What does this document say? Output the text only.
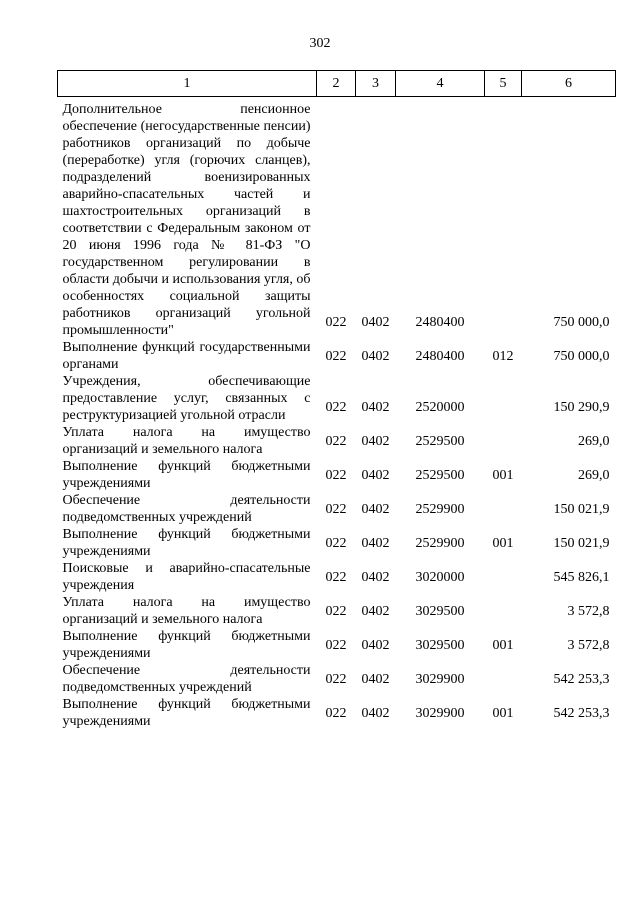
302
1	2	3	4	5	6
Дополнительное пенсионное обеспечение (негосударственные пенсии) работников организаций по добыче (переработке) угля (горючих сланцев), подразделений военизированных аварийно-спасательных частей и шахтостроительных организаций в соответствии с Федеральным законом от 20 июня 1996 года № 81-ФЗ "О государственном регулировании в области добычи и использования угля, об особенностях социальной защиты работников организаций угольной промышленности"	022	0402	2480400		750 000,0
Выполнение функций государственными органами	022	0402	2480400	012	750 000,0
Учреждения, обеспечивающие предоставление услуг, связанных с реструктуризацией угольной отрасли	022	0402	2520000		150 290,9
Уплата налога на имущество организаций и земельного налога	022	0402	2529500		269,0
Выполнение функций бюджетными учреждениями	022	0402	2529500	001	269,0
Обеспечение деятельности подведомственных учреждений	022	0402	2529900		150 021,9
Выполнение функций бюджетными учреждениями	022	0402	2529900	001	150 021,9
Поисковые и аварийно-спасательные учреждения	022	0402	3020000		545 826,1
Уплата налога на имущество организаций и земельного налога	022	0402	3029500		3 572,8
Выполнение функций бюджетными учреждениями	022	0402	3029500	001	3 572,8
Обеспечение деятельности подведомственных учреждений	022	0402	3029900		542 253,3
Выполнение функций бюджетными учреждениями	022	0402	3029900	001	542 253,3
